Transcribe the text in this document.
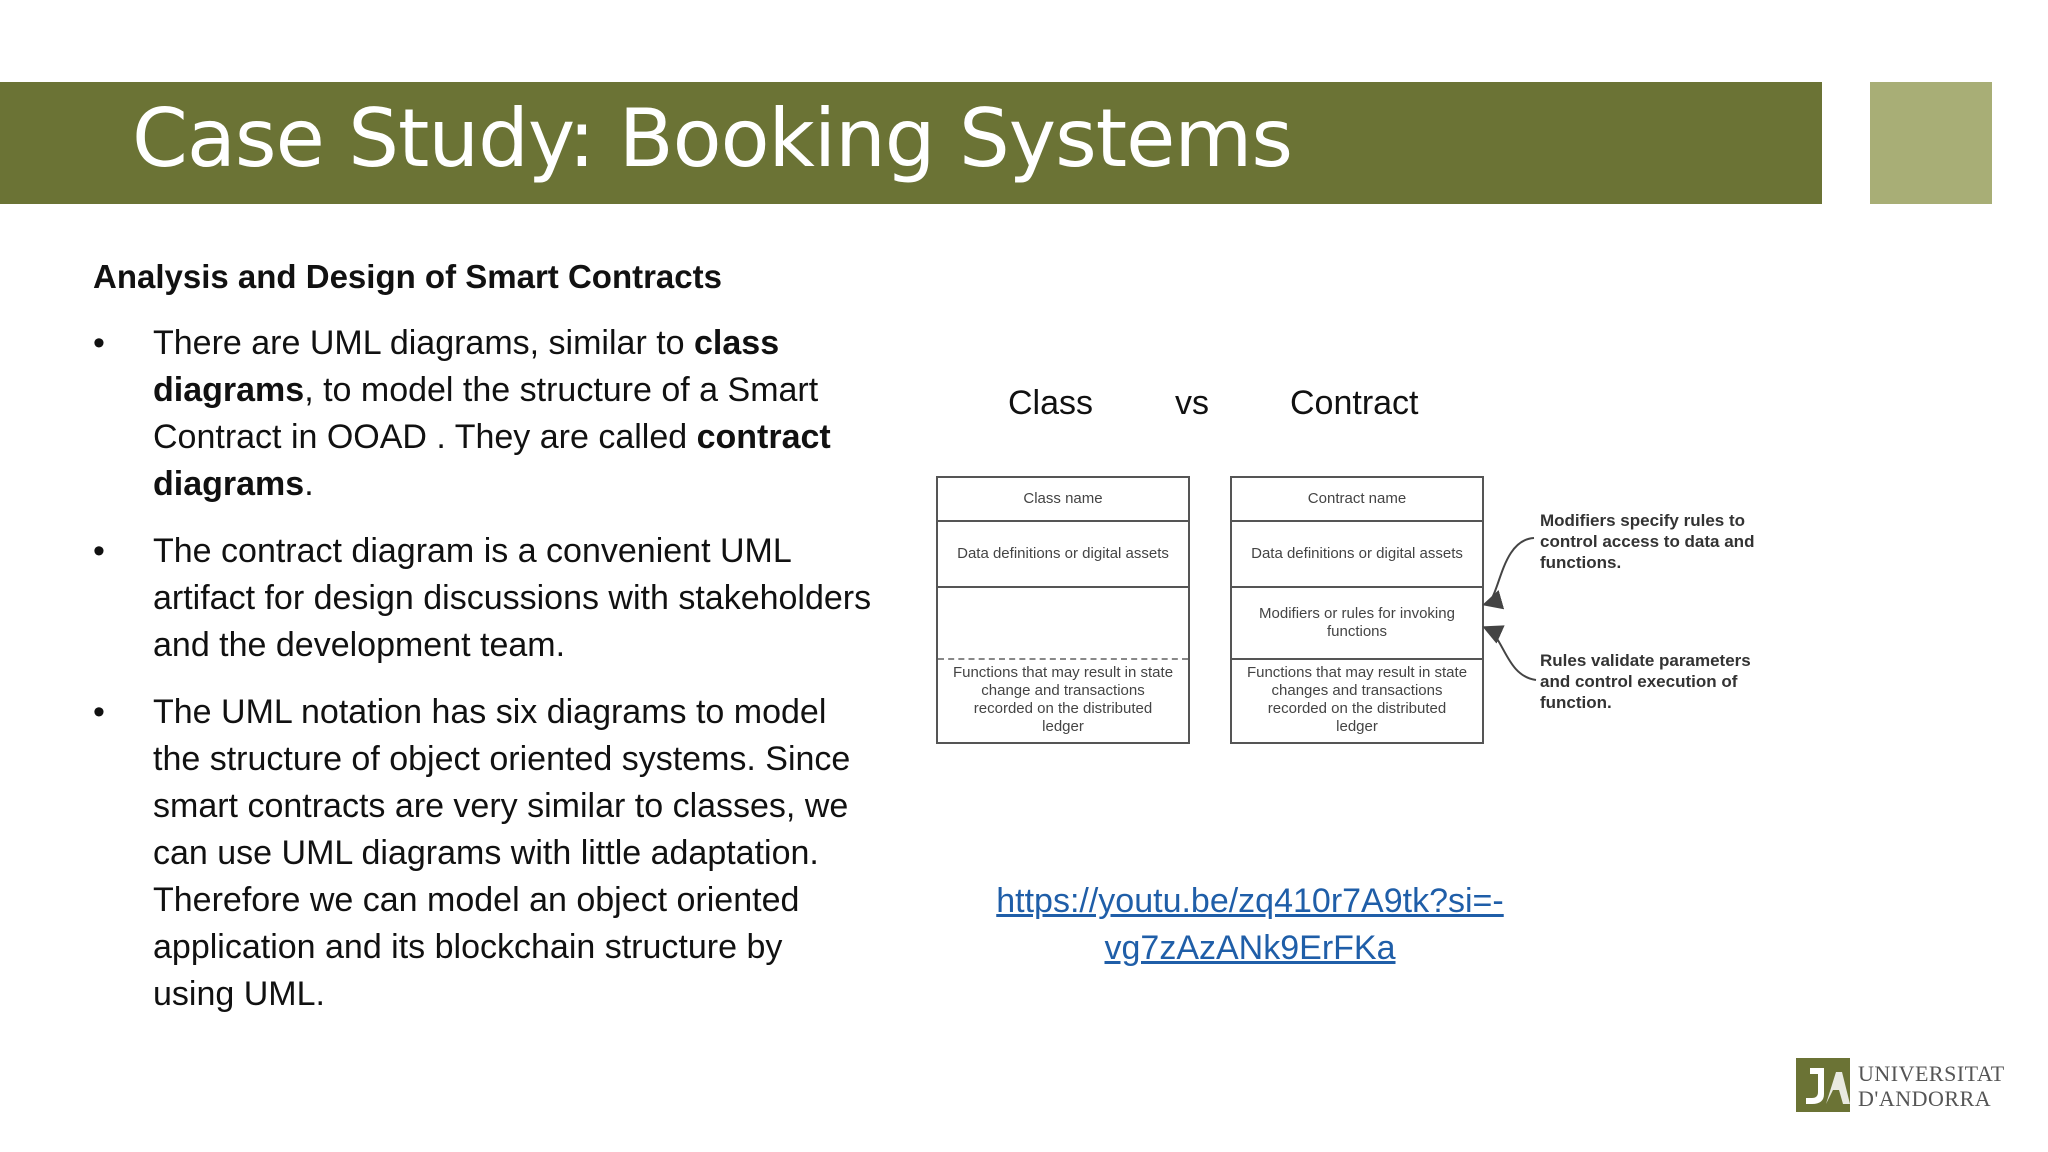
Case Study: Booking Systems
Analysis and Design of Smart Contracts
• There are UML diagrams, similar to class diagrams, to model the structure of a Smart Contract in OOAD . They are called contract diagrams.
• The contract diagram is a convenient UML artifact for design discussions with stakeholders and the development team.
• The UML notation has six diagrams to model the structure of object oriented systems. Since smart contracts are very similar to classes, we can use UML diagrams with little adaptation. Therefore we can model an object oriented application and its blockchain structure by using UML.
Class vs Contract
Class name
Data definitions or digital assets
Functions that may result in state change and transactions recorded on the distributed ledger
Contract name
Data definitions or digital assets
Modifiers or rules for invoking functions
Functions that may result in state changes and transactions recorded on the distributed ledger
Modifiers specify rules to control access to data and functions.
Rules validate parameters and control execution of function.
https://youtu.be/zq410r7A9tk?si=-
vg7zAzANk9ErFKa
UNIVERSITAT
D'ANDORRA
